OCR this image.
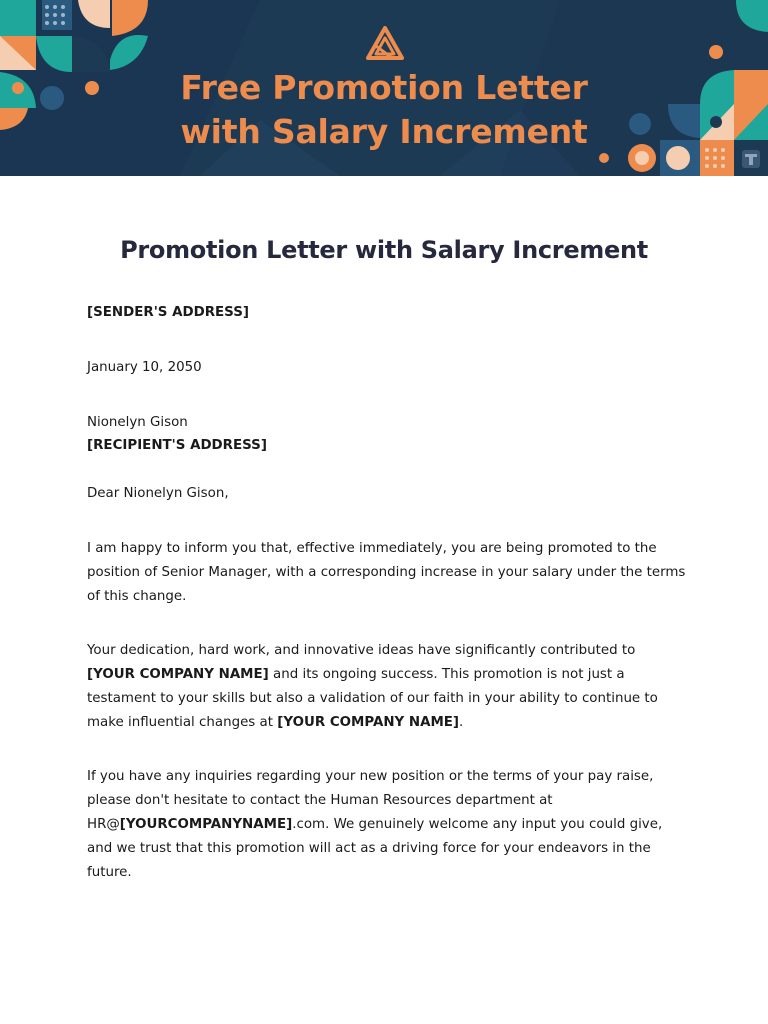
Free Promotion Letter
with Salary Increment
Promotion Letter with Salary Increment
[SENDER'S ADDRESS]
January 10, 2050
Nionelyn Gison
[RECIPIENT'S ADDRESS]
Dear Nionelyn Gison,

I am happy to inform you that, effective immediately, you are being promoted to the position of Senior Manager, with a corresponding increase in your salary under the terms of this change.

Your dedication, hard work, and innovative ideas have significantly contributed to [YOUR COMPANY NAME] and its ongoing success. This promotion is not just a testament to your skills but also a validation of our faith in your ability to continue to make influential changes at [YOUR COMPANY NAME].

If you have any inquiries regarding your new position or the terms of your pay raise, please don't hesitate to contact the Human Resources department at HR@[YOURCOMPANYNAME].com. We genuinely welcome any input you could give, and we trust that this promotion will act as a driving force for your endeavors in the future.
